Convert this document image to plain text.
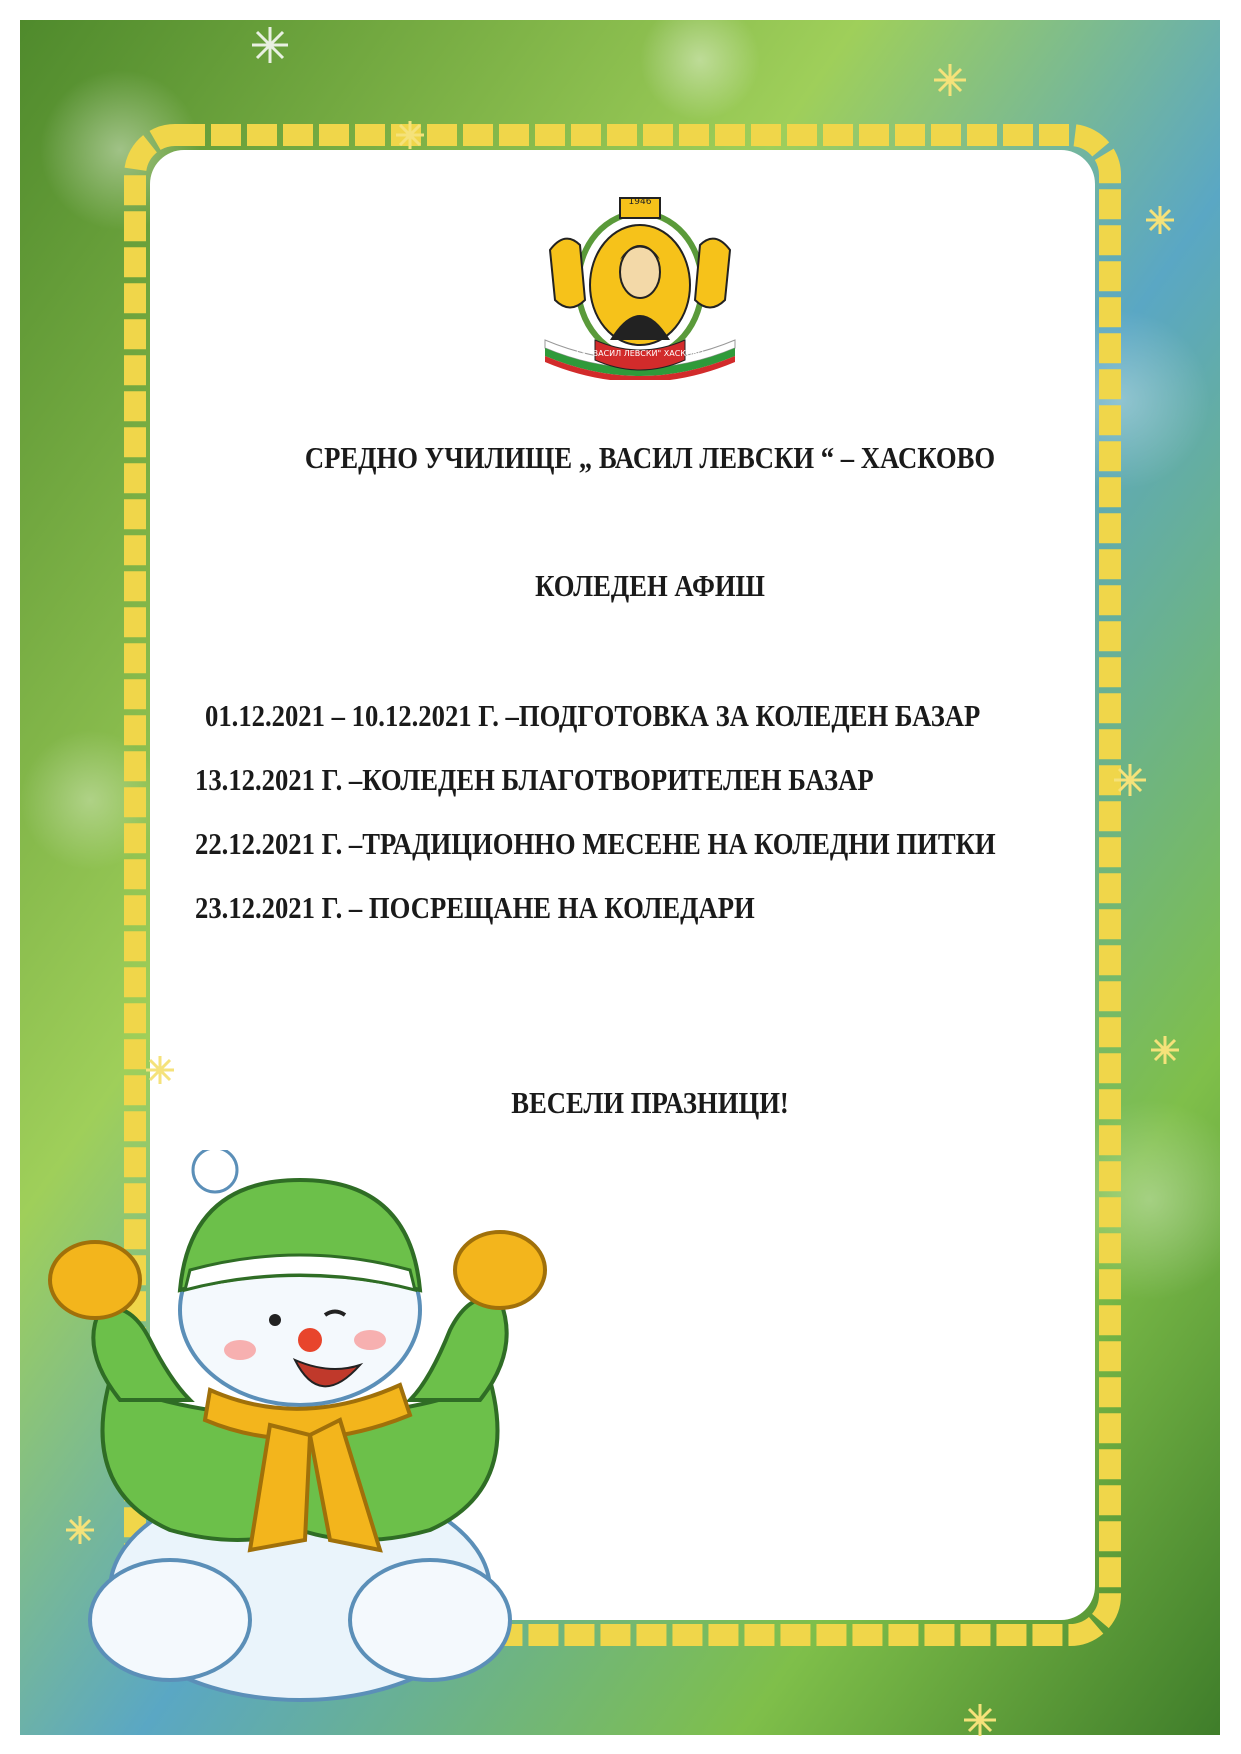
1946
СУ "ВАСИЛ ЛЕВСКИ" ХАСКОВО
СРЕДНО УЧИЛИЩЕ „ ВАСИЛ ЛЕВСКИ “ – ХАСКОВО
КОЛЕДЕН АФИШ
01.12.2021 – 10.12.2021 Г. –ПОДГОТОВКА ЗА КОЛЕДЕН БАЗАР
13.12.2021 Г. –КОЛЕДЕН БЛАГОТВОРИТЕЛЕН БАЗАР
22.12.2021 Г. –ТРАДИЦИОННО МЕСЕНЕ НА КОЛЕДНИ ПИТКИ
23.12.2021 Г. – ПОСРЕЩАНЕ НА КОЛЕДАРИ
ВЕСЕЛИ ПРАЗНИЦИ!
